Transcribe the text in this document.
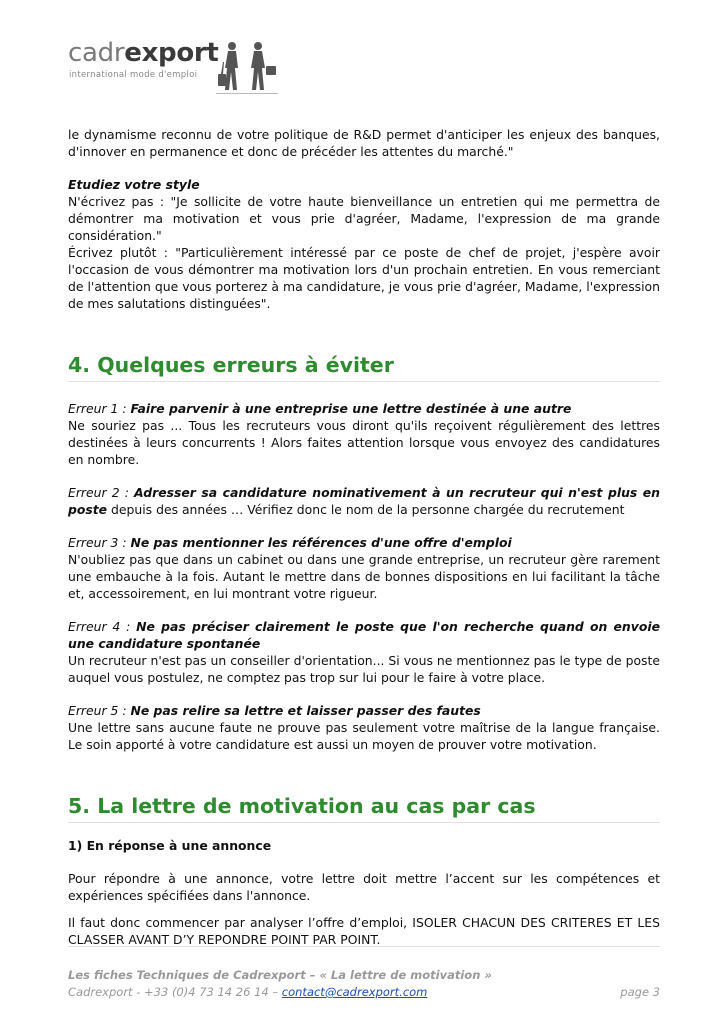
cadrexport
international mode d'emploi

le dynamisme reconnu de votre politique de R&D permet d'anticiper les enjeux des banques, d'innover en permanence et donc de précéder les attentes du marché."

Etudiez votre style

N'écrivez pas : "Je sollicite de votre haute bienveillance un entretien qui me permettra de démontrer ma motivation et vous prie d'agréer, Madame, l'expression de ma grande considération."

Écrivez plutôt : "Particulièrement intéressé par ce poste de chef de projet, j'espère avoir l'occasion de vous démontrer ma motivation lors d'un prochain entretien. En vous remerciant de l'attention que vous porterez à ma candidature, je vous prie d'agréer, Madame, l'expression de mes salutations distinguées".

4. Quelques erreurs à éviter

Erreur 1 : Faire parvenir à une entreprise une lettre destinée à une autre
Ne souriez pas ... Tous les recruteurs vous diront qu'ils reçoivent régulièrement des lettres destinées à leurs concurrents ! Alors faites attention lorsque vous envoyez des candidatures en nombre.

Erreur 2 : Adresser sa candidature nominativement à un recruteur qui n'est plus en poste depuis des années … Vérifiez donc le nom de la personne chargée du recrutement

Erreur 3 : Ne pas mentionner les références d'une offre d'emploi
N'oubliez pas que dans un cabinet ou dans une grande entreprise, un recruteur gère rarement une embauche à la fois. Autant le mettre dans de bonnes dispositions en lui facilitant la tâche et, accessoirement, en lui montrant votre rigueur.

Erreur 4 : Ne pas préciser clairement le poste que l'on recherche quand on envoie une candidature spontanée
Un recruteur n'est pas un conseiller d'orientation... Si vous ne mentionnez pas le type de poste auquel vous postulez, ne comptez pas trop sur lui pour le faire à votre place.

Erreur 5 : Ne pas relire sa lettre et laisser passer des fautes
Une lettre sans aucune faute ne prouve pas seulement votre maîtrise de la langue française. Le soin apporté à votre candidature est aussi un moyen de prouver votre motivation.

5. La lettre de motivation au cas par cas

1) En réponse à une annonce

Pour répondre à une annonce, votre lettre doit mettre l’accent sur les compétences et expériences spécifiées dans l'annonce.

Il faut donc commencer par analyser l’offre d’emploi, ISOLER CHACUN DES CRITERES ET LES CLASSER AVANT D’Y REPONDRE POINT PAR POINT.

Les fiches Techniques de Cadrexport – « La lettre de motivation »
Cadrexport - +33 (0)4 73 14 26 14 – contact@cadrexport.com	page 3
